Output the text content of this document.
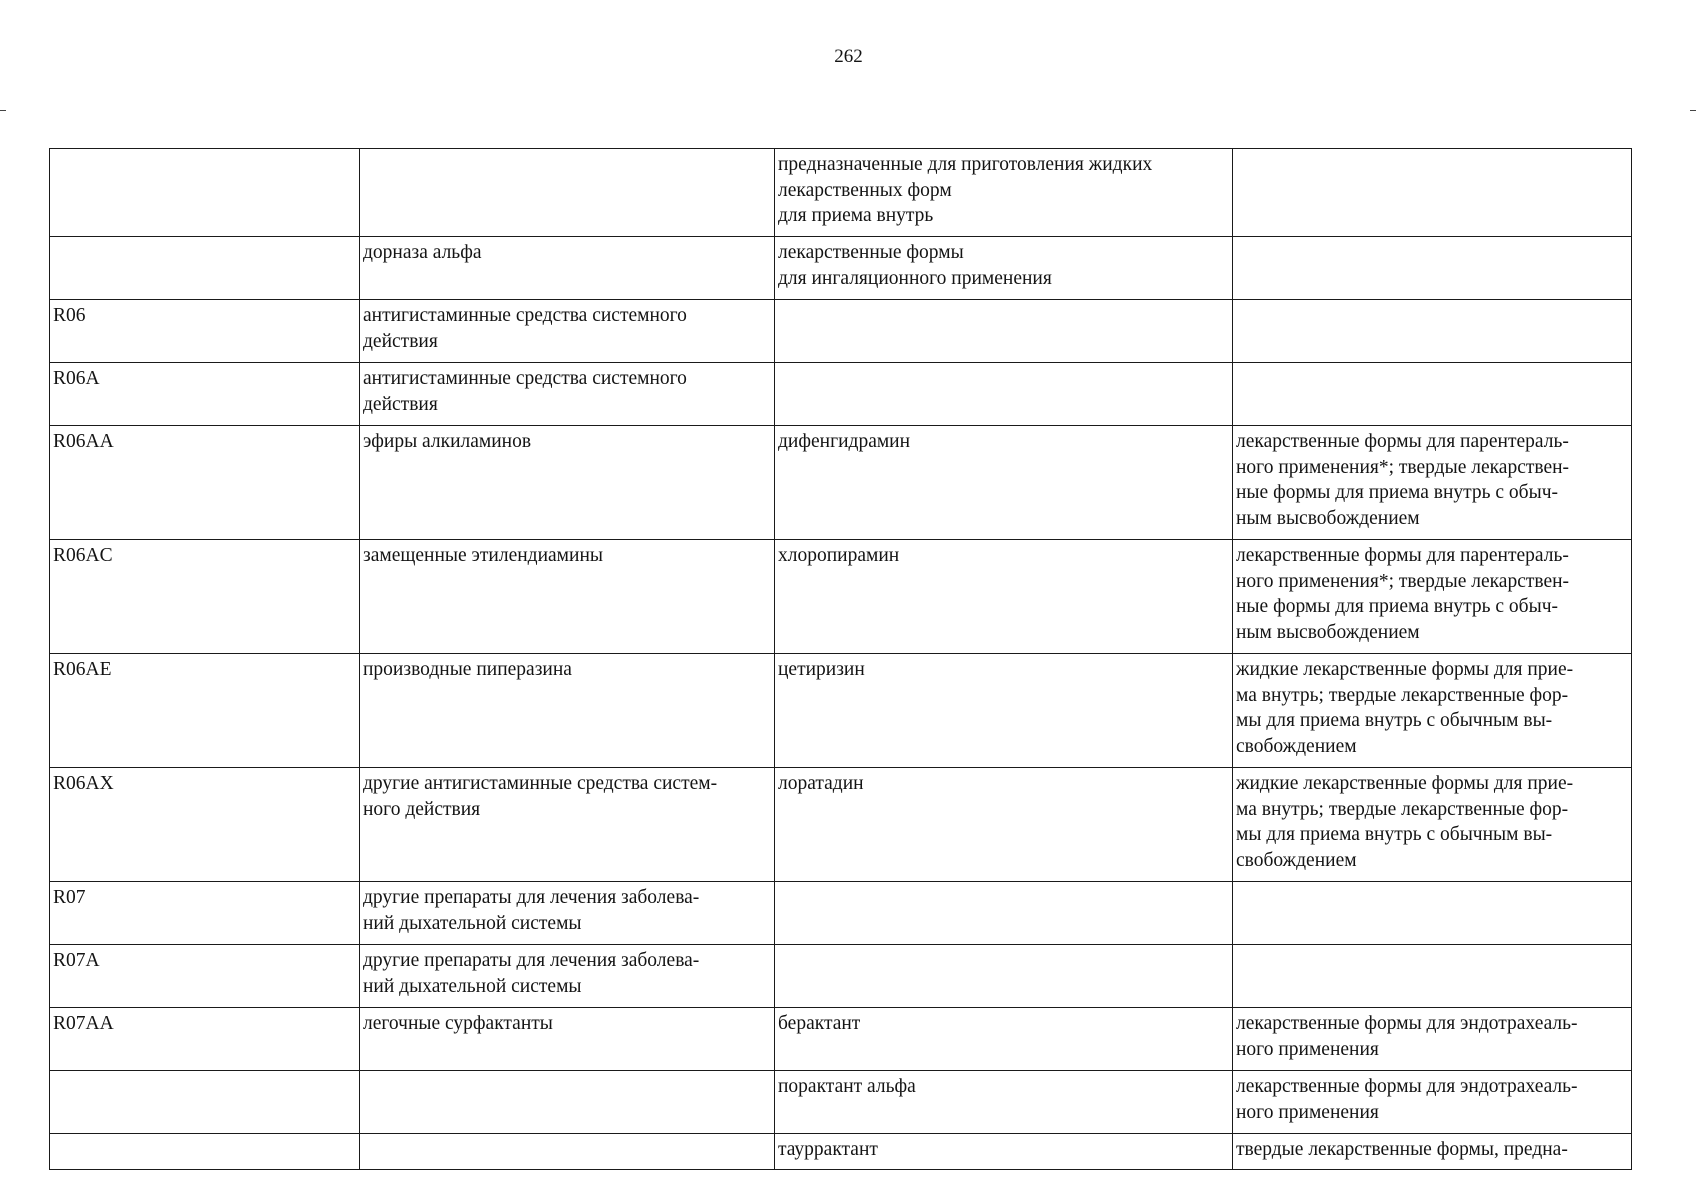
262
		предназначенные для приготовления жидких лекарственных форм
для приема внутрь	
	дорназа альфа	лекарственные формы
для ингаляционного применения	
R06	антигистаминные средства системного
действия		
R06A	антигистаминные средства системного
действия		
R06AA	эфиры алкиламинов	дифенгидрамин	лекарственные формы для парентераль-
ного применения*; твердые лекарствен-
ные формы для приема внутрь с обыч-
ным высвобождением
R06AC	замещенные этилендиамины	хлоропирамин	лекарственные формы для парентераль-
ного применения*; твердые лекарствен-
ные формы для приема внутрь с обыч-
ным высвобождением
R06AE	производные пиперазина	цетиризин	жидкие лекарственные формы для прие-
ма внутрь; твердые лекарственные фор-
мы для приема внутрь с обычным вы-
свобождением
R06AX	другие антигистаминные средства систем-
ного действия	лоратадин	жидкие лекарственные формы для прие-
ма внутрь; твердые лекарственные фор-
мы для приема внутрь с обычным вы-
свобождением
R07	другие препараты для лечения заболева-
ний дыхательной системы		
R07A	другие препараты для лечения заболева-
ний дыхательной системы		
R07AA	легочные сурфактанты	берактант	лекарственные формы для эндотрахеаль-
ного применения
		порактант альфа	лекарственные формы для эндотрахеаль-
ного применения
		тауррактант	твердые лекарственные формы, предна-
